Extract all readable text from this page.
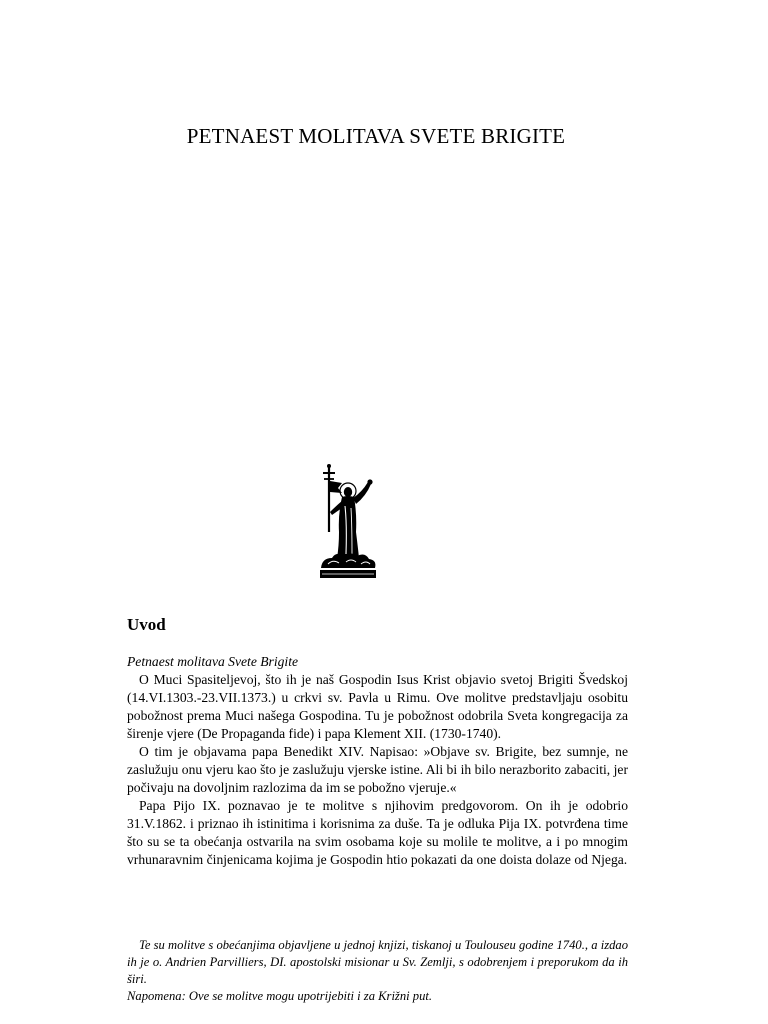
PETNAEST MOLITAVA SVETE BRIGITE
Uvod

Petnaest molitava Svete Brigite

O Muci Spasiteljevoj, što ih je naš Gospodin Isus Krist objavio svetoj Brigiti Švedskoj (14.VI.1303.-23.VII.1373.) u crkvi sv. Pavla u Rimu. Ove molitve predstavljaju osobitu pobožnost prema Muci našega Gospodina. Tu je pobožnost odobrila Sveta kongregacija za širenje vjere (De Propaganda fide) i papa Klement XII. (1730-1740).

O tim je objavama papa Benedikt XIV. Napisao: »Objave sv. Brigite, bez sumnje, ne zaslužuju onu vjeru kao što je zaslužuju vjerske istine. Ali bi ih bilo nerazborito zabaciti, jer počivaju na dovoljnim razlozima da im se pobožno vjeruje.«

Papa Pijo IX. poznavao je te molitve s njihovim predgovorom. On ih je odobrio 31.V.1862. i priznao ih istinitima i korisnima za duše. Ta je odluka Pija IX. potvrđena time što su se ta obećanja ostvarila na svim osobama koje su molile te molitve, a i po mnogim vrhunaravnim činjenicama kojima je Gospodin htio pokazati da one doista dolaze od Njega.

Te su molitve s obećanjima objavljene u jednoj knjizi, tiskanoj u Toulouseu godine 1740., a izdao ih je o. Andrien Parvilliers, DI. apostolski misionar u Sv. Zemlji, s odobrenjem i preporukom da ih širi.

Napomena: Ove se molitve mogu upotrijebiti i za Križni put.
